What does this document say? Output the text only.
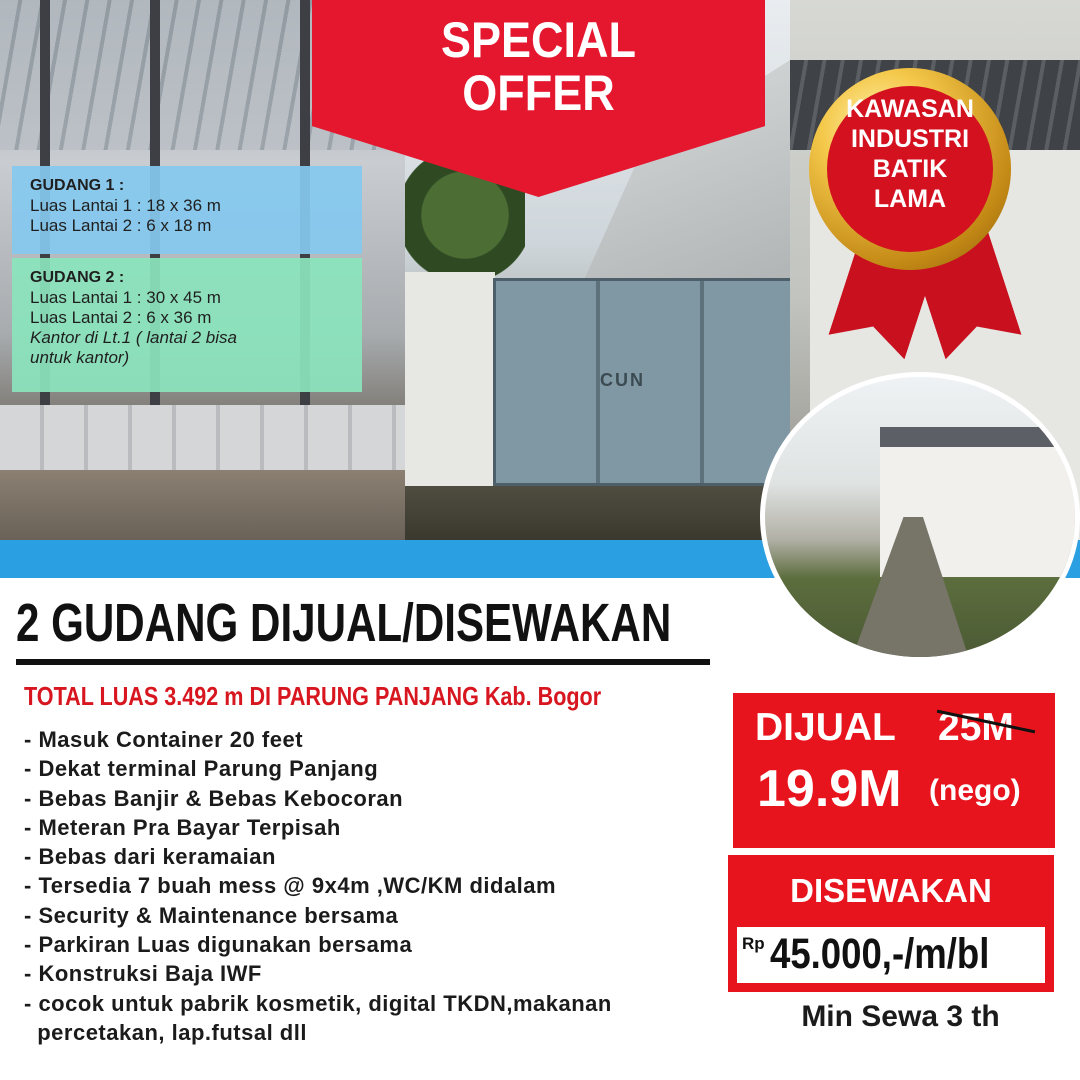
CUN
SPECIAL
OFFER	KAWASAN
INDUSTRI
BATIK
LAMA
GUDANG 1 :

Luas Lantai 1 : 18 x 36 m

Luas Lantai 2 : 6 x 18 m

GUDANG 2 :

Luas Lantai 1 : 30 x 45 m

Luas Lantai 2 : 6 x 36 m

Kantor di Lt.1 ( lantai 2 bisa

untuk kantor)

2 GUDANG DIJUAL/DISEWAKAN
TOTAL LUAS 3.492 m DI PARUNG PANJANG Kab. Bogor
- Masuk Container 20 feet
- Dekat terminal Parung Panjang
- Bebas Banjir & Bebas Kebocoran
- Meteran Pra Bayar Terpisah
- Bebas dari keramaian
- Tersedia 7 buah mess @ 9x4m ,WC/KM didalam
- Security & Maintenance bersama
- Parkiran Luas digunakan bersama
- Konstruksi Baja IWF
- cocok untuk pabrik kosmetik, digital TKDN,makanan
percetakan, lap.futsal dll
DIJUAL 25M
19.9M (nego)
DISEWAKAN
Rp 45.000,-/m/bl
Min Sewa 3 th
